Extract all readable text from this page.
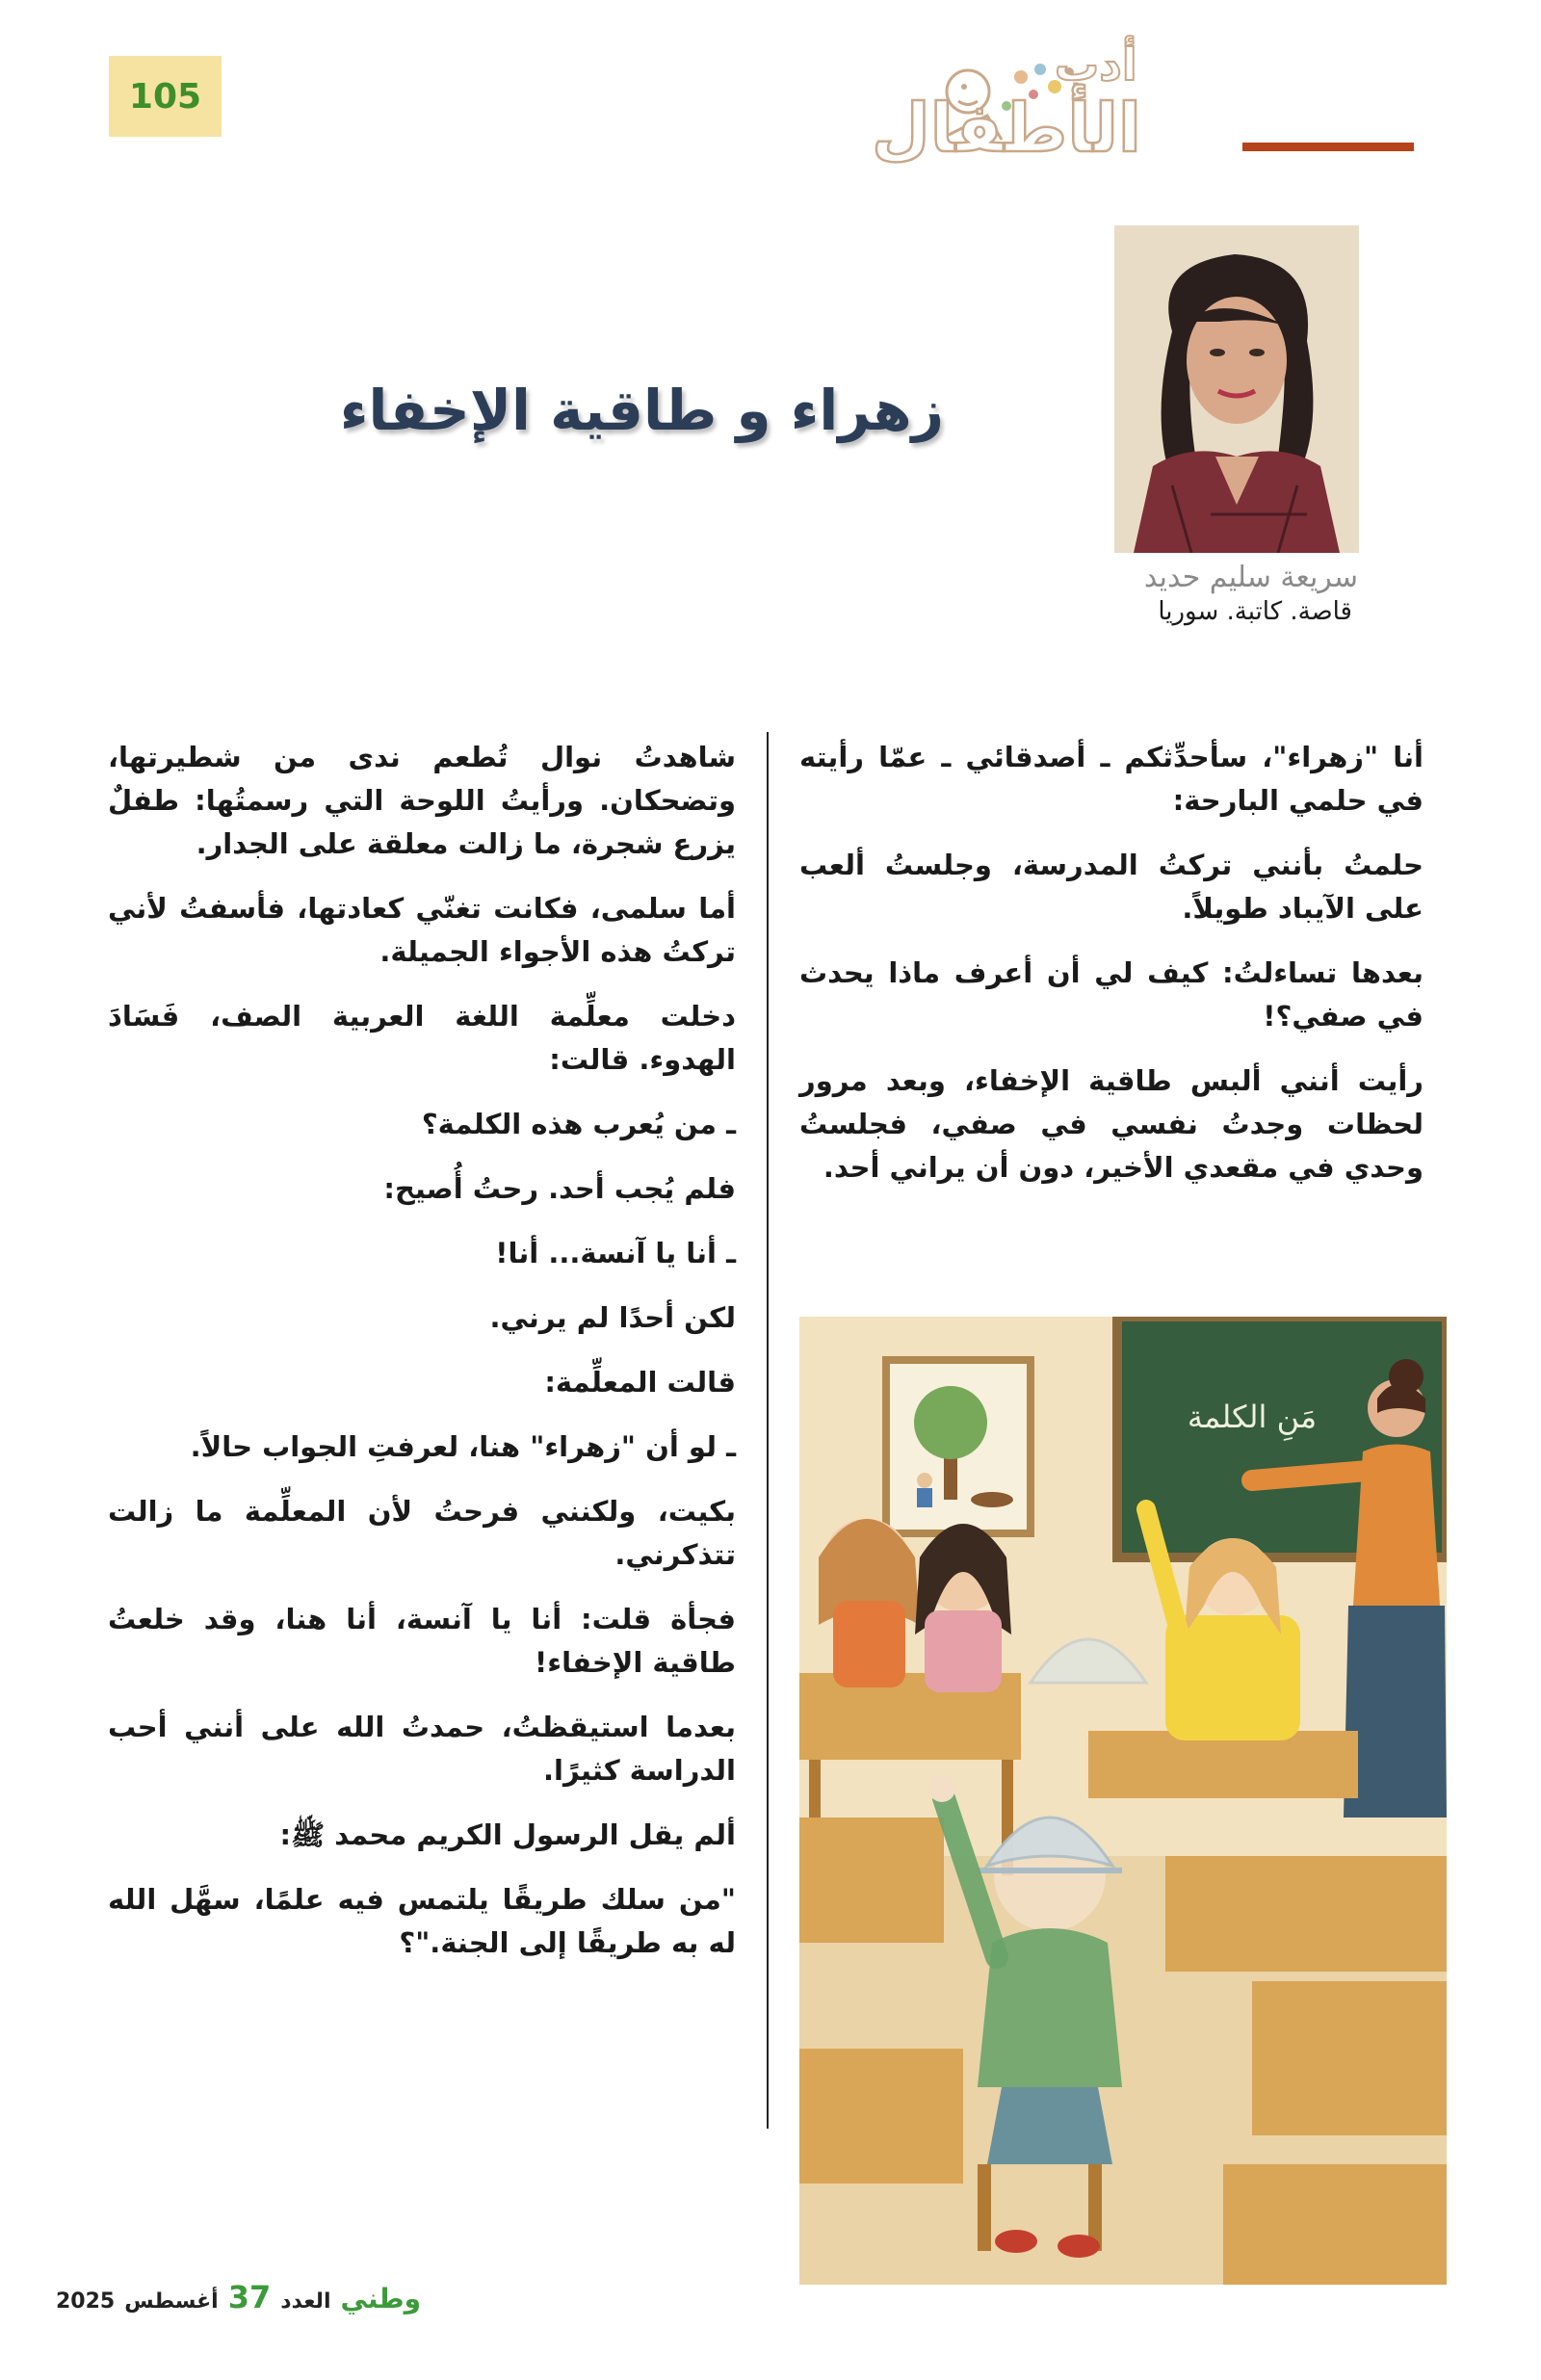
105
أدب
الأطفال
سريعة سليم حديد
قاصة. كاتبة. سوريا
زهراء و طاقية الإخفاء

أنا "زهراء"، سأحدِّثكم ـ أصدقائي ـ عمّا رأيته في حلمي البارحة:

حلمتُ بأنني تركتُ المدرسة، وجلستُ ألعب على الآيباد طويلاً.

بعدها تساءلتُ: كيف لي أن أعرف ماذا يحدث في صفي؟!

رأيت أنني ألبس طاقية الإخفاء، وبعد مرور لحظات وجدتُ نفسي في صفي، فجلستُ وحدي في مقعدي الأخير، دون أن يراني أحد.

شاهدتُ نوال تُطعم ندى من شطيرتها، وتضحكان. ورأيتُ اللوحة التي رسمتُها: طفلٌ يزرع شجرة، ما زالت معلقة على الجدار.

أما سلمى، فكانت تغنّي كعادتها، فأسفتُ لأني تركتُ هذه الأجواء الجميلة.

دخلت معلِّمة اللغة العربية الصف، فَسَادَ الهدوء. قالت:

ـ من يُعرب هذه الكلمة؟

فلم يُجب أحد. رحتُ أُصيح:

ـ أنا يا آنسة... أنا!

لكن أحدًا لم يرني.

قالت المعلِّمة:

ـ لو أن "زهراء" هنا، لعرفتِ الجواب حالاً.

بكيت، ولكنني فرحتُ لأن المعلِّمة ما زالت تتذكرني.

فجأة قلت: أنا يا آنسة، أنا هنا، وقد خلعتُ طاقية الإخفاء!

بعدما استيقظتُ، حمدتُ الله على أنني أحب الدراسة كثيرًا.

ألم يقل الرسول الكريم محمد ﷺ:

"من سلك طريقًا يلتمس فيه علمًا، سهَّل الله له به طريقًا إلى الجنة."؟

مَنِ الكلمة
وطني
العدد
37
أغسطس
2025
